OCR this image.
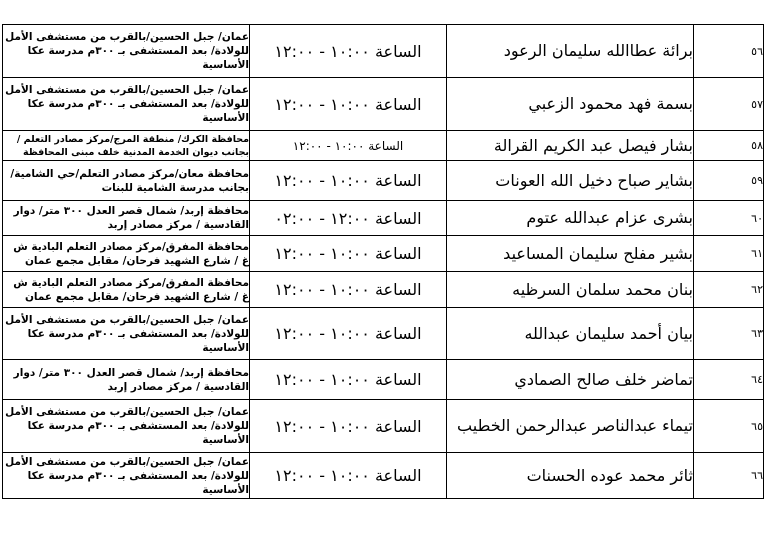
عمان/ جبل الحسين/بالقرب من مستشفى الأمل للولادة/ بعد المستشفى بـ ٣٠٠م مدرسة عكا الأساسية	الساعة ١٠:٠٠ - ١٢:٠٠	برائة عطاالله سليمان الرعود	٥٦
عمان/ جبل الحسين/بالقرب من مستشفى الأمل للولادة/ بعد المستشفى بـ ٣٠٠م مدرسة عكا الأساسية	الساعة ١٠:٠٠ - ١٢:٠٠	بسمة فهد محمود الزعبي	٥٧
محافظة الكرك/ منطقة المرج/مركز مصادر التعلم / بجانب ديوان الخدمة المدنية خلف مبنى المحافظة	الساعة ١٠:٠٠ - ١٢:٠٠	بشار فيصل عبد الكريم القرالة	٥٨
محافظة معان/مركز مصادر التعلم/حي الشامية/ بجانب مدرسة الشامية للبنات	الساعة ١٠:٠٠ - ١٢:٠٠	بشاير صباح دخيل الله العونات	٥٩
محافظة إربد/ شمال قصر العدل ٣٠٠ متر/ دوار القادسية / مركز مصادر إربد	الساعة ١٢:٠٠ - ٠٢:٠٠	بشرى عزام عبدالله عتوم	٦٠
محافظة المفرق/مركز مصادر التعلم البادية ش غ / شارع الشهيد فرحان/ مقابل مجمع عمان	الساعة ١٠:٠٠ - ١٢:٠٠	بشير مفلح سليمان المساعيد	٦١
محافظة المفرق/مركز مصادر التعلم البادية ش غ / شارع الشهيد فرحان/ مقابل مجمع عمان	الساعة ١٠:٠٠ - ١٢:٠٠	بنان محمد سلمان السرظيه	٦٢
عمان/ جبل الحسين/بالقرب من مستشفى الأمل للولادة/ بعد المستشفى بـ ٣٠٠م مدرسة عكا الأساسية	الساعة ١٠:٠٠ - ١٢:٠٠	بيان أحمد سليمان عبدالله	٦٣
محافظة إربد/ شمال قصر العدل ٣٠٠ متر/ دوار القادسية / مركز مصادر إربد	الساعة ١٠:٠٠ - ١٢:٠٠	تماضر خلف صالح الصمادي	٦٤
عمان/ جبل الحسين/بالقرب من مستشفى الأمل للولادة/ بعد المستشفى بـ ٣٠٠م مدرسة عكا الأساسية	الساعة ١٠:٠٠ - ١٢:٠٠	تيماء عبدالناصر عبدالرحمن الخطيب	٦٥
عمان/ جبل الحسين/بالقرب من مستشفى الأمل للولادة/ بعد المستشفى بـ ٣٠٠م مدرسة عكا الأساسية	الساعة ١٠:٠٠ - ١٢:٠٠	ثائر محمد عوده الحسنات	٦٦
